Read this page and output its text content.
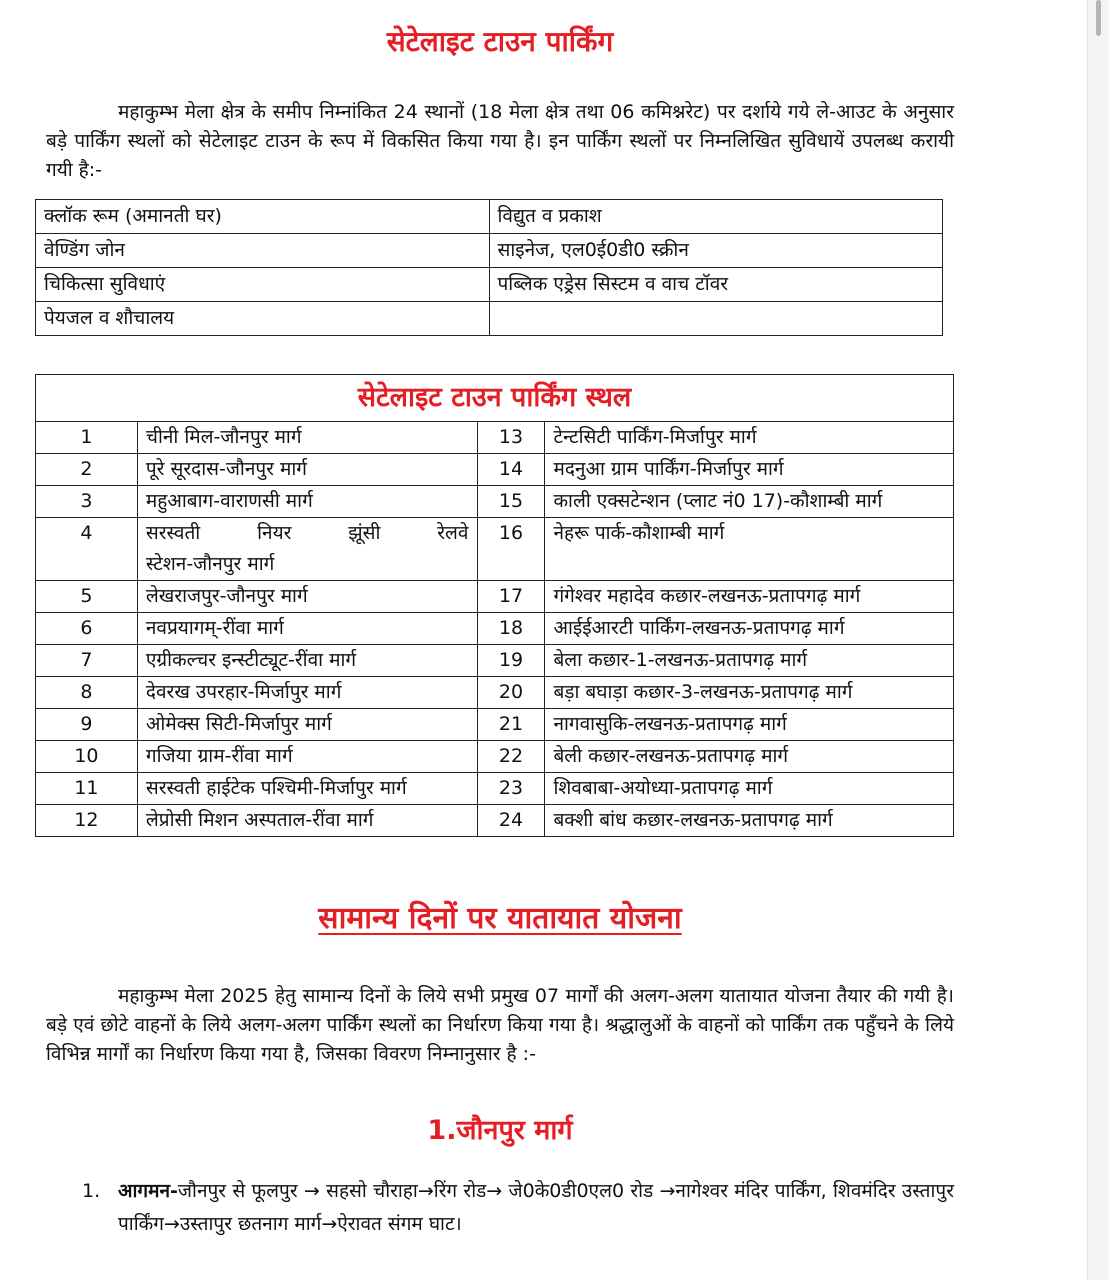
सेटेलाइट टाउन पार्किंग

महाकुम्भ मेला क्षेत्र के समीप निम्नांकित 24 स्थानों (18 मेला क्षेत्र तथा 06 कमिश्नरेट) पर दर्शाये गये ले-आउट के अनुसार बड़े पार्किंग स्थलों को सेटेलाइट टाउन के रूप में विकसित किया गया है। इन पार्किंग स्थलों पर निम्नलिखित सुविधायें उपलब्ध करायी गयी है:-

क्लॉक रूम (अमानती घर)	विद्युत व प्रकाश
वेण्डिंग जोन	साइनेज, एल0ई0डी0 स्क्रीन
चिकित्सा सुविधाएं	पब्लिक एड्रेस सिस्टम व वाच टॉवर
पेयजल व शौचालय	
सेटेलाइट टाउन पार्किंग स्थल			
1	चीनी मिल-जौनपुर मार्ग	13	टेन्टसिटी पार्किंग-मिर्जापुर मार्ग
2	पूरे सूरदास-जौनपुर मार्ग	14	मदनुआ ग्राम पार्किंग-मिर्जापुर मार्ग
3	महुआबाग-वाराणसी मार्ग	15	काली एक्सटेन्शन (प्लाट नं0 17)-कौशाम्बी मार्ग
4	सरस्वती नियर झूंसी रेलवे
स्टेशन-जौनपुर मार्ग	16	नेहरू पार्क-कौशाम्बी मार्ग
5	लेखराजपुर-जौनपुर मार्ग	17	गंगेश्वर महादेव कछार-लखनऊ-प्रतापगढ़ मार्ग
6	नवप्रयागम्-रींवा मार्ग	18	आईईआरटी पार्किंग-लखनऊ-प्रतापगढ़ मार्ग
7	एग्रीकल्चर इन्स्टीट्यूट-रींवा मार्ग	19	बेला कछार-1-लखनऊ-प्रतापगढ़ मार्ग
8	देवरख उपरहार-मिर्जापुर मार्ग	20	बड़ा बघाड़ा कछार-3-लखनऊ-प्रतापगढ़ मार्ग
9	ओमेक्स सिटी-मिर्जापुर मार्ग	21	नागवासुकि-लखनऊ-प्रतापगढ़ मार्ग
10	गजिया ग्राम-रींवा मार्ग	22	बेली कछार-लखनऊ-प्रतापगढ़ मार्ग
11	सरस्वती हाईटेक पश्चिमी-मिर्जापुर मार्ग	23	शिवबाबा-अयोध्या-प्रतापगढ़ मार्ग
12	लेप्रोसी मिशन अस्पताल-रींवा मार्ग	24	बक्शी बांध कछार-लखनऊ-प्रतापगढ़ मार्ग
सामान्य दिनों पर यातायात योजना

महाकुम्भ मेला 2025 हेतु सामान्य दिनों के लिये सभी प्रमुख 07 मार्गों की अलग-अलग यातायात योजना तैयार की गयी है। बड़े एवं छोटे वाहनों के लिये अलग-अलग पार्किंग स्थलों का निर्धारण किया गया है। श्रद्धालुओं के वाहनों को पार्किंग तक पहुँचने के लिये विभिन्न मार्गों का निर्धारण किया गया है, जिसका विवरण निम्नानुसार है :-

1.जौनपुर मार्ग
1. आगमन-जौनपुर से फूलपुर → सहसो चौराहा→रिंग रोड→ जे0के0डी0एल0 रोड →नागेश्वर मंदिर पार्किंग, शिवमंदिर उस्तापुर पार्किंग→उस्तापुर छतनाग मार्ग→ऐरावत संगम घाट।
